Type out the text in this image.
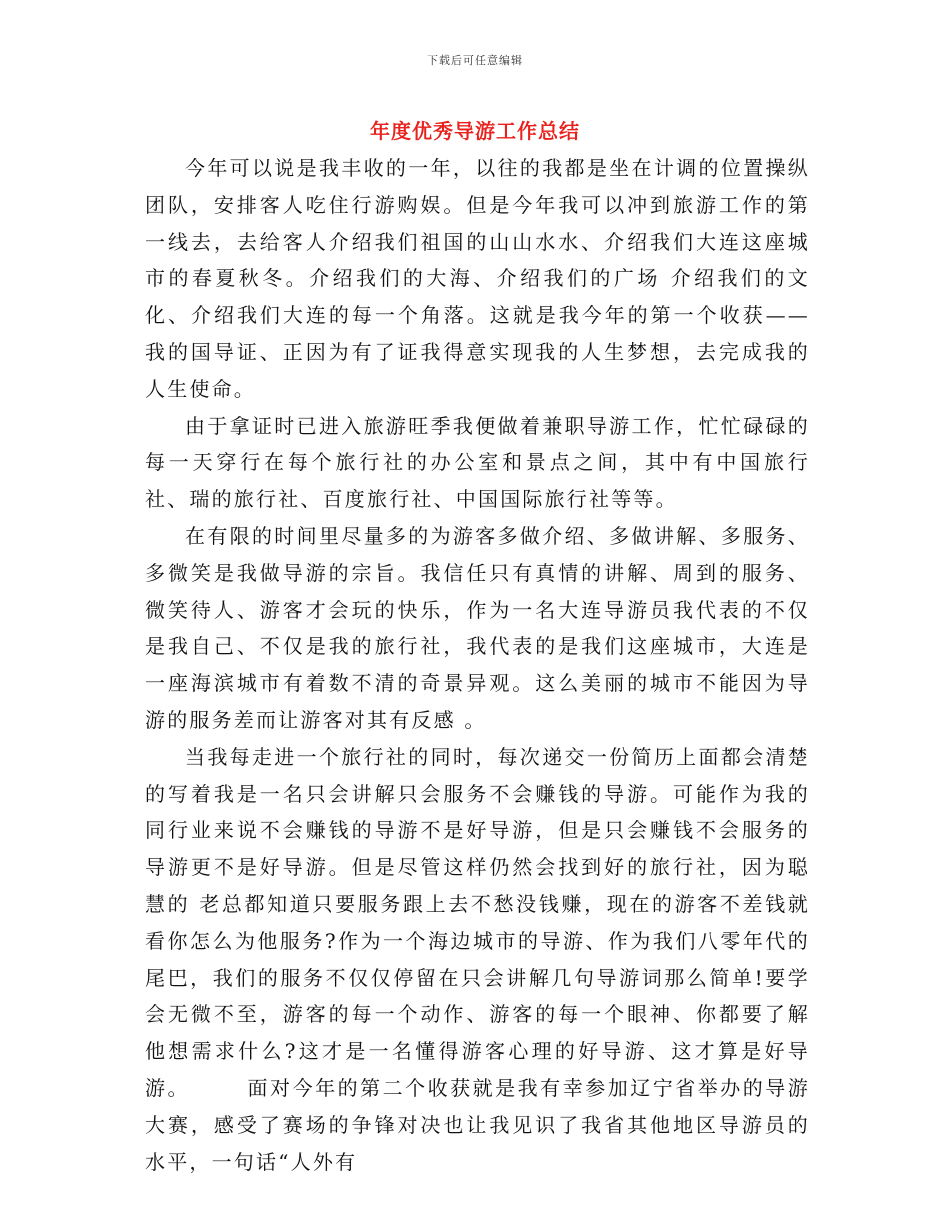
下载后可任意编辑
年度优秀导游工作总结

今年可以说是我丰收的一年，以往的我都是坐在计调的位置操纵团队，安排客人吃住行游购娱。但是今年我可以冲到旅游工作的第一线去，去给客人介绍我们祖国的山山水水、介绍我们大连这座城市的春夏秋冬。介绍我们的大海、介绍我们的广场 介绍我们的文化、介绍我们大连的每一个角落。这就是我今年的第一个收获——我的国导证、正因为有了证我得意实现我的人生梦想，去完成我的人生使命。

由于拿证时已进入旅游旺季我便做着兼职导游工作，忙忙碌碌的每一天穿行在每个旅行社的办公室和景点之间，其中有中国旅行社、瑞的旅行社、百度旅行社、中国国际旅行社等等。

在有限的时间里尽量多的为游客多做介绍、多做讲解、多服务、多微笑是我做导游的宗旨。我信任只有真情的讲解、周到的服务、微笑待人、游客才会玩的快乐，作为一名大连导游员我代表的不仅是我自己、不仅是我的旅行社，我代表的是我们这座城市，大连是一座海滨城市有着数不清的奇景异观。这么美丽的城市不能因为导游的服务差而让游客对其有反感 。

当我每走进一个旅行社的同时，每次递交一份简历上面都会清楚的写着我是一名只会讲解只会服务不会赚钱的导游。可能作为我的同行业来说不会赚钱的导游不是好导游，但是只会赚钱不会服务的导游更不是好导游。但是尽管这样仍然会找到好的旅行社，因为聪慧的 老总都知道只要服务跟上去不愁没钱赚，现在的游客不差钱就看你怎么为他服务?作为一个海边城市的导游、作为我们八零年代的尾巴，我们的服务不仅仅停留在只会讲解几句导游词那么简单!要学会无微不至，游客的每一个动作、游客的每一个眼神、你都要了解他想需求什么?这才是一名懂得游客心理的好导游、这才算是好导游。　　　面对今年的第二个收获就是我有幸参加辽宁省举办的导游大赛，感受了赛场的争锋对决也让我见识了我省其他地区导游员的水平，一句话“人外有
